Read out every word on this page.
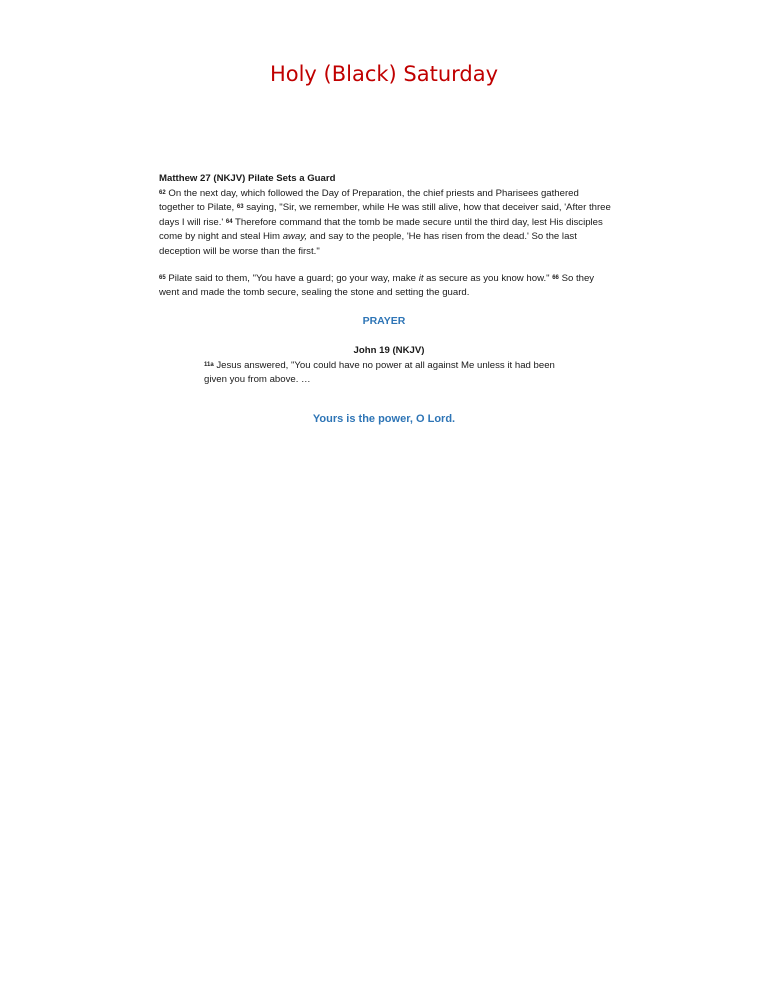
Holy (Black) Saturday
Matthew 27 (NKJV) Pilate Sets a Guard

$^{62}$ On the next day, which followed the Day of Preparation, the chief priests and Pharisees gathered together to Pilate, $^{63}$ saying, "Sir, we remember, while He was still alive, how that deceiver said, 'After three days I will rise.' $^{64}$ Therefore command that the tomb be made secure until the third day, lest His disciples come by night and steal Him away, and say to the people, 'He has risen from the dead.' So the last deception will be worse than the first."

$^{65}$ Pilate said to them, "You have a guard; go your way, make it as secure as you know how." $^{66}$ So they went and made the tomb secure, sealing the stone and setting the guard.

PRAYER
John 19 (NKJV)

$^{11a}$ Jesus answered, "You could have no power at all against Me unless it had been given you from above. …

Yours is the power, O Lord.
